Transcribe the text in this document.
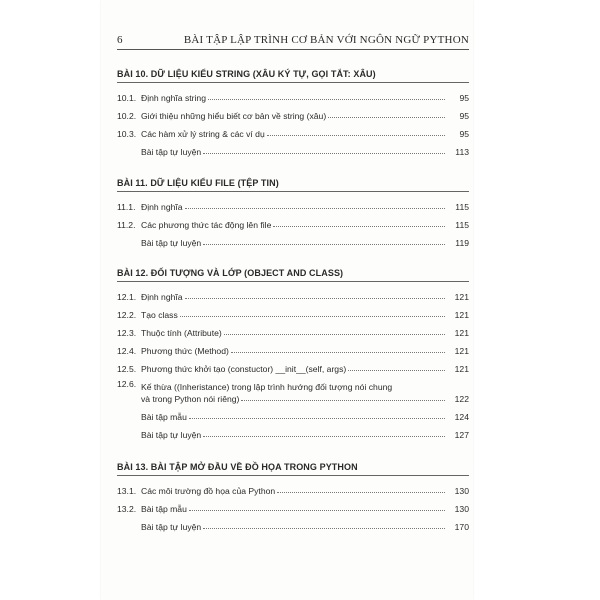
6	BÀI TẬP LẬP TRÌNH CƠ BẢN VỚI NGÔN NGỮ PYTHON
BÀI 10. DỮ LIỆU KIỂU STRING (XÂU KÝ TỰ, GỌI TẮT: XÂU)
10.1. Định nghĩa string	95
10.2. Giới thiệu những hiểu biết cơ bản về string (xâu)	95
10.3. Các hàm xử lý string & các ví dụ	95
Bài tập tự luyện	113
BÀI 11. DỮ LIỆU KIỂU FILE (TỆP TIN)
11.1. Định nghĩa	115
11.2. Các phương thức tác động lên file	115
Bài tập tự luyện	119
BÀI 12. ĐỐI TƯỢNG VÀ LỚP (OBJECT AND CLASS)
12.1. Định nghĩa	121
12.2. Tạo class	121
12.3. Thuộc tính (Attribute)	121
12.4. Phương thức (Method)	121
12.5. Phương thức khởi tạo (constuctor) __init__(self, args)	121
12.6. Kế thừa ((Inheristance) trong lập trình hướng đối tượng nói chung
và trong Python nói riêng)	122
Bài tập mẫu	124
Bài tập tự luyện	127
BÀI 13. BÀI TẬP MỞ ĐẦU VỀ ĐỒ HỌA TRONG PYTHON
13.1. Các môi trường đồ họa của Python	130
13.2. Bài tập mẫu	130
Bài tập tự luyện	170
